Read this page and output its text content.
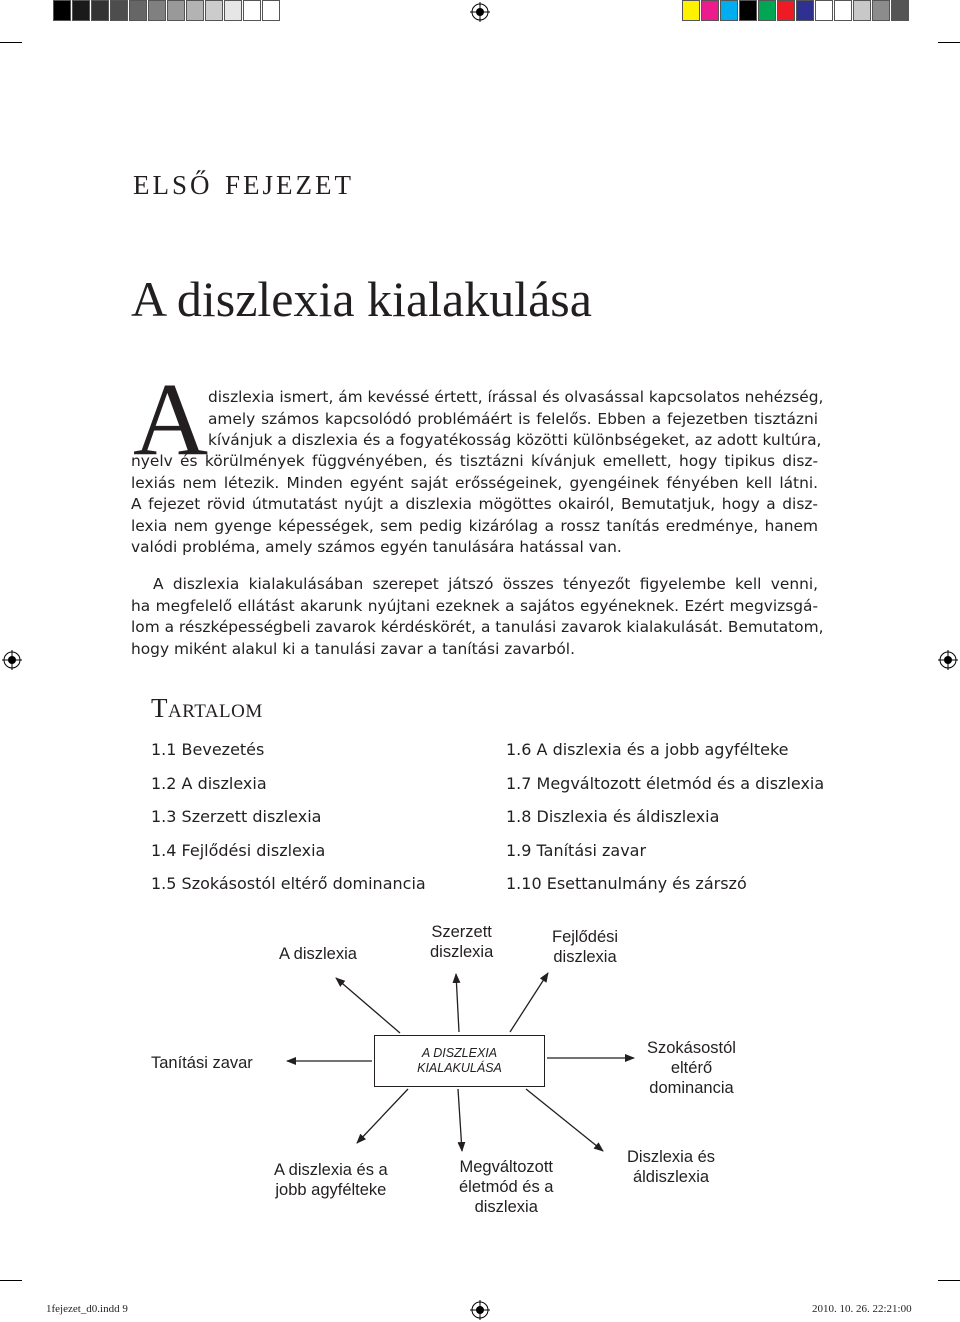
első fejezet
A diszlexia kialakulása
A diszlexia ismert, ám kevéssé értett, írással és olvasással kapcsolatos nehézség,
amely számos kapcsolódó problémáért is felelős. Ebben a fejezetben tisztázni
kívánjuk a diszlexia és a fogyatékosság közötti különbségeket, az adott kultúra,
nyelv és körülmények függvényében, és tisztázni kívánjuk emellett, hogy tipikus disz-
lexiás nem létezik. Minden egyént saját erősségeinek, gyengéinek fényében kell látni.
A fejezet rövid útmutatást nyújt a diszlexia mögöttes okairól, Bemutatjuk, hogy a disz-
lexia nem gyenge képességek, sem pedig kizárólag a rossz tanítás eredménye, hanem
valódi probléma, amely számos egyén tanulására hatással van.
A diszlexia kialakulásában szerepet játszó összes tényezőt figyelembe kell venni,
ha megfelelő ellátást akarunk nyújtani ezeknek a sajátos egyéneknek. Ezért megvizsgá-
lom a részképességbeli zavarok kérdéskörét, a tanulási zavarok kialakulását. Bemutatom,
hogy miként alakul ki a tanulási zavar a tanítási zavarból.
Tartalom
1.1 Bevezetés
1.2 A diszlexia
1.3 Szerzett diszlexia
1.4 Fejlődési diszlexia
1.5 Szokásostól eltérő dominancia
1.6 A diszlexia és a jobb agyfélteke
1.7 Megváltozott életmód és a diszlexia
1.8 Diszlexia és áldiszlexia
1.9 Tanítási zavar
1.10 Esettanulmány és zárszó
A DISZLEXIA
KIALAKULÁSA
A diszlexia
Szerzett
diszlexia
Fejlődési
diszlexia
Tanítási zavar
Szokásostól
eltérő
dominancia
A diszlexia és a
jobb agyfélteke
Megváltozott
életmód és a
diszlexia
Diszlexia és
áldiszlexia
1fejezet_d0.indd 9	2010. 10. 26. 22:21:00
